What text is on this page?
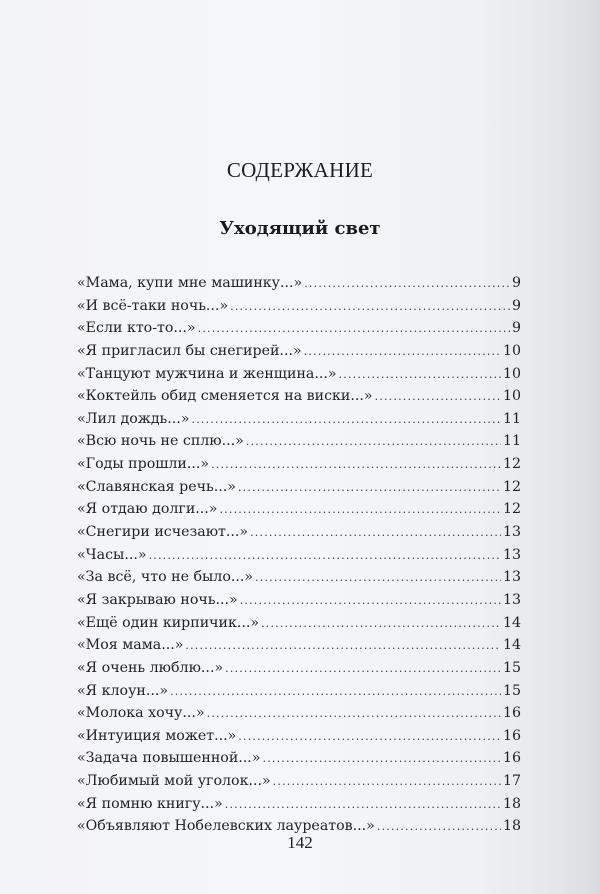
СОДЕРЖАНИЕ
Уходящий свет
«Мама, купи мне машинку...» .....	9
«И всё-таки ночь...» .....	9
«Если кто-то...» .....	9
«Я пригласил бы снегирей...» .....	10
«Танцуют мужчина и женщина...» .....	10
«Коктейль обид сменяется на виски...» .....	10
«Лил дождь...» .....	11
«Всю ночь не сплю...» .....	11
«Годы прошли...» .....	12
«Славянская речь...» .....	12
«Я отдаю долги...» .....	12
«Снегири исчезают...» .....	13
«Часы...» .....	13
«За всё, что не было...» .....	13
«Я закрываю ночь...» .....	13
«Ещё один кирпичик...» .....	14
«Моя мама...» .....	14
«Я очень люблю...» .....	15
«Я клоун...» .....	15
«Молока хочу...» .....	16
«Интуиция может...» .....	16
«Задача повышенной...» .....	16
«Любимый мой уголок...» .....	17
«Я помню книгу...» .....	18
«Объявляют Нобелевских лауреатов...» .....	18
142
